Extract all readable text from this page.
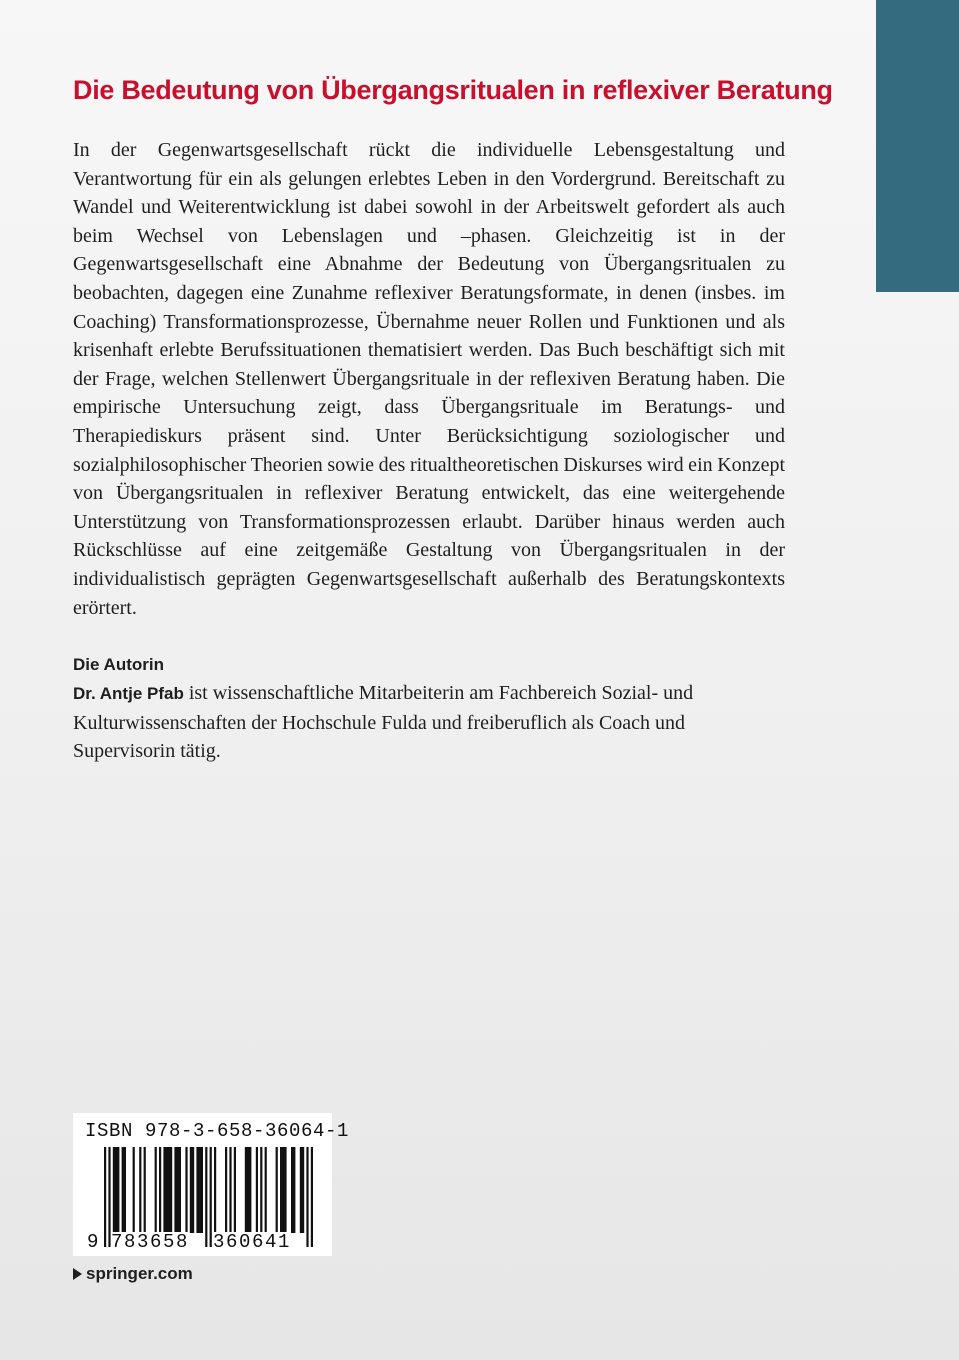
Die Bedeutung von Übergangsritualen in reflexiver Beratung

In der Gegenwartsgesellschaft rückt die individuelle Lebensgestaltung und Verantwortung für ein als gelungen erlebtes Leben in den Vordergrund. Bereitschaft zu Wandel und Weiterentwicklung ist dabei sowohl in der Arbeitswelt gefordert als auch beim Wechsel von Lebenslagen und –phasen. Gleichzeitig ist in der Gegenwartsgesellschaft eine Abnahme der Bedeutung von Übergangsritualen zu beobachten, dagegen eine Zunahme reflexiver Beratungsformate, in denen (insbes. im Coaching) Transformationsprozesse, Übernahme neuer Rollen und Funktionen und als krisenhaft erlebte Berufssituationen thematisiert werden. Das Buch beschäftigt sich mit der Frage, welchen Stellenwert Übergangsrituale in der reflexiven Beratung haben. Die empirische Untersuchung zeigt, dass Übergangsrituale im Beratungs- und Therapiediskurs präsent sind. Unter Berücksichtigung soziologischer und sozialphilosophischer Theorien sowie des ritualtheoretischen Diskurses wird ein Konzept von Übergangsritualen in reflexiver Beratung entwickelt, das eine weitergehende Unterstützung von Transformationsprozessen erlaubt. Darüber hinaus werden auch Rückschlüsse auf eine zeitgemäße Gestaltung von Übergangsritualen in der individualistisch geprägten Gegenwartsgesellschaft außerhalb des Beratungskontexts erörtert.

Die Autorin

Dr. Antje Pfab ist wissenschaftliche Mitarbeiterin am Fachbereich Sozial- und Kulturwissenschaften der Hochschule Fulda und freiberuflich als Coach und Supervisorin tätig.

ISBN 978-3-658-36064-1
9 783658 360641
springer.com
